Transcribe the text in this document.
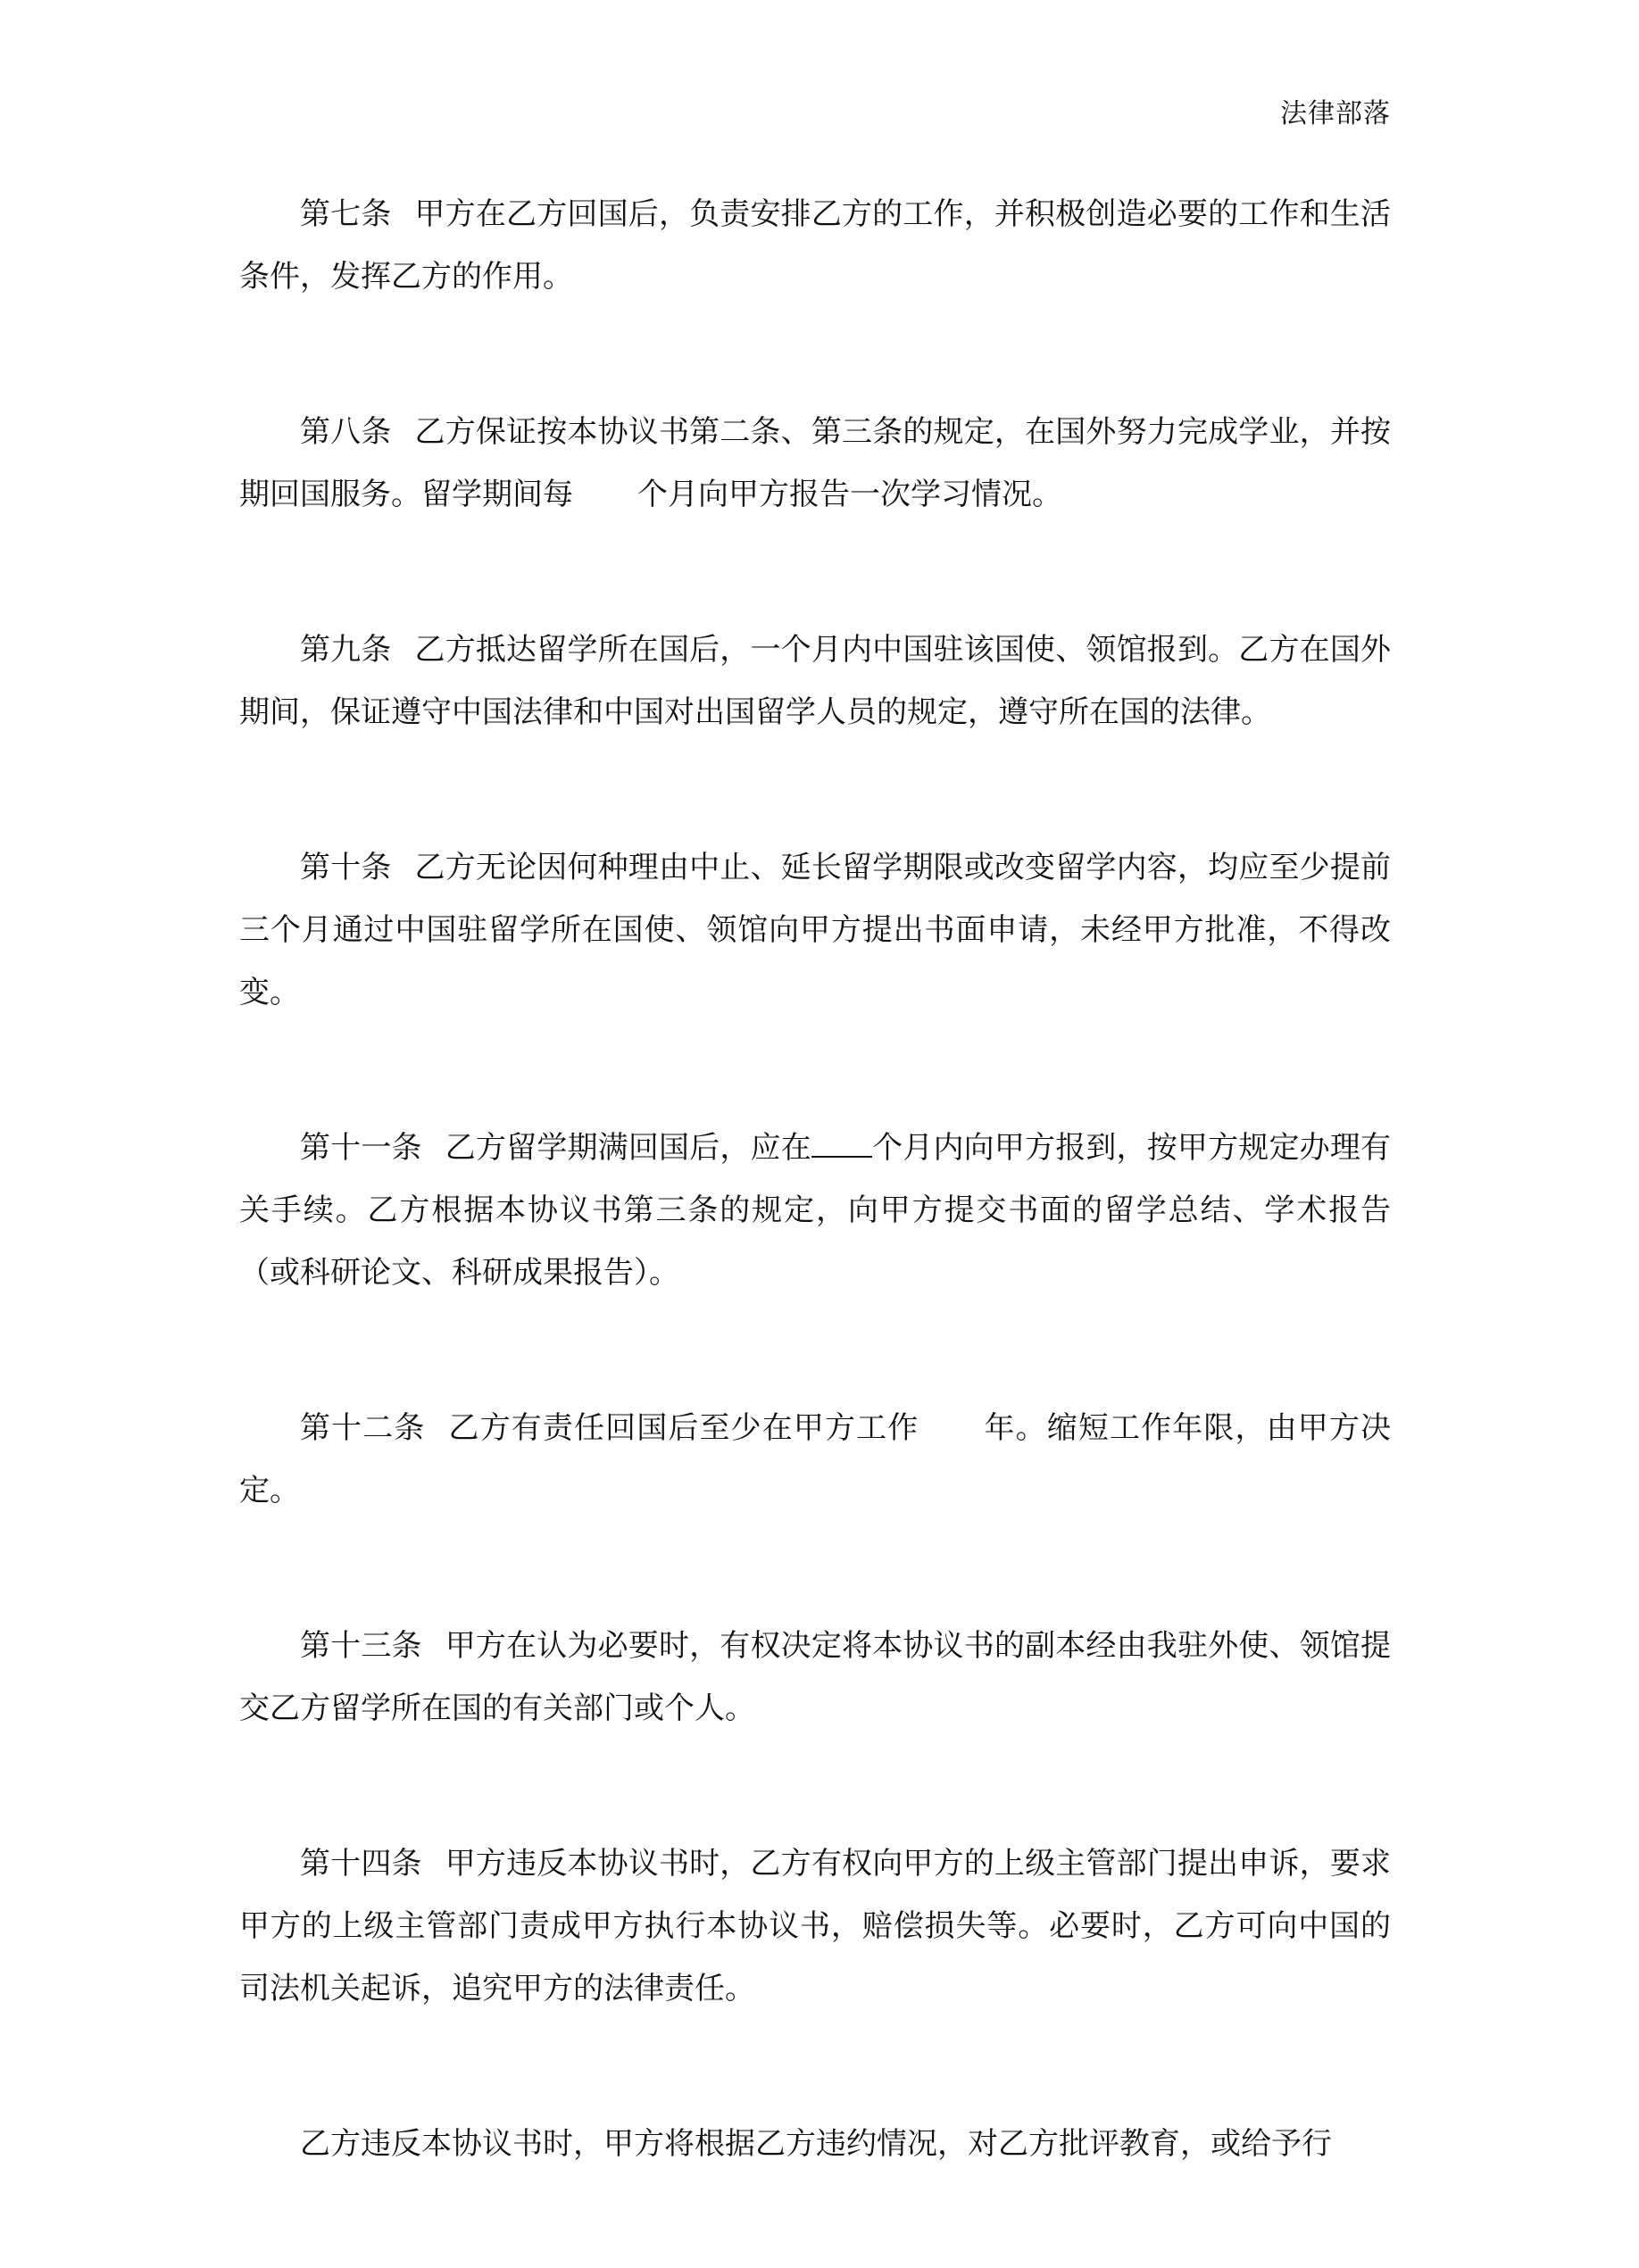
法律部落

第七条 甲方在乙方回国后，负责安排乙方的工作，并积极创造必要的工作和生活条件，发挥乙方的作用。

第八条 乙方保证按本协议书第二条、第三条的规定，在国外努力完成学业，并按期回国服务。留学期间每 个月向甲方报告一次学习情况。

第九条 乙方抵达留学所在国后，一个月内中国驻该国使、领馆报到。乙方在国外期间，保证遵守中国法律和中国对出国留学人员的规定，遵守所在国的法律。

第十条 乙方无论因何种理由中止、延长留学期限或改变留学内容，均应至少提前三个月通过中国驻留学所在国使、领馆向甲方提出书面申请，未经甲方批准，不得改变。

第十一条 乙方留学期满回国后，应在 个月内向甲方报到，按甲方规定办理有关手续。乙方根据本协议书第三条的规定，向甲方提交书面的留学总结、学术报告（或科研论文、科研成果报告）。

第十二条 乙方有责任回国后至少在甲方工作 年。缩短工作年限，由甲方决定。

第十三条 甲方在认为必要时，有权决定将本协议书的副本经由我驻外使、领馆提交乙方留学所在国的有关部门或个人。

第十四条 甲方违反本协议书时，乙方有权向甲方的上级主管部门提出申诉，要求甲方的上级主管部门责成甲方执行本协议书，赔偿损失等。必要时，乙方可向中国的司法机关起诉，追究甲方的法律责任。

乙方违反本协议书时，甲方将根据乙方违约情况，对乙方批评教育，或给予行
